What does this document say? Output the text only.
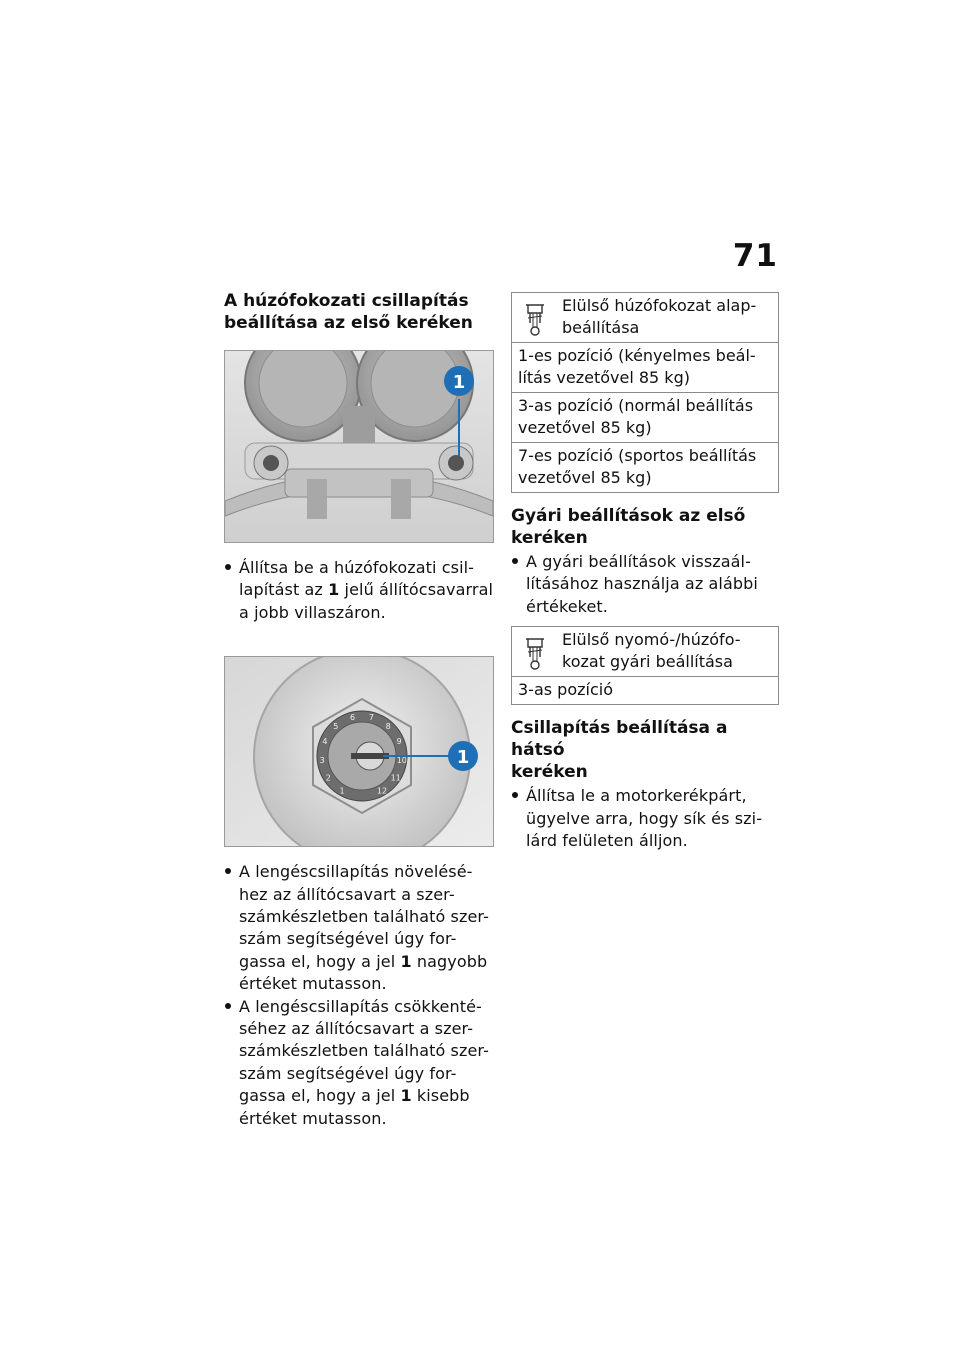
71
A húzófokozati csillapítás
beállítása az első keréken
1
Állítsa be a húzófokozati csil-lapítást az 1 jelű állítócsavarral a jobb villaszáron.
1
2
3
4
5
6 7
8
9
10
11
12
1
A lengéscsillapítás növelésé-hez az állítócsavart a szer-számkészletben található szer-szám segítségével úgy for-gassa el, hogy a jel 1 nagyobb értéket mutasson.
A lengéscsillapítás csökkenté-séhez az állítócsavart a szer-számkészletben található szer-szám segítségével úgy for-gassa el, hogy a jel 1 kisebb értéket mutasson.
Elülső húzófokozat alap-beállítása
1-es pozíció (kényelmes beál-lítás vezetővel 85 kg)
3-as pozíció (normál beállítás vezetővel 85 kg)
7-es pozíció (sportos beállítás vezetővel 85 kg)
Gyári beállítások az első
keréken
A gyári beállítások visszaál-lításához használja az alábbi értékeket.
Elülső nyomó-/húzófo-kozat gyári beállítása
3-as pozíció
Csillapítás beállítása a hátsó
keréken
Állítsa le a motorkerékpárt, ügyelve arra, hogy sík és szi-lárd felületen álljon.
